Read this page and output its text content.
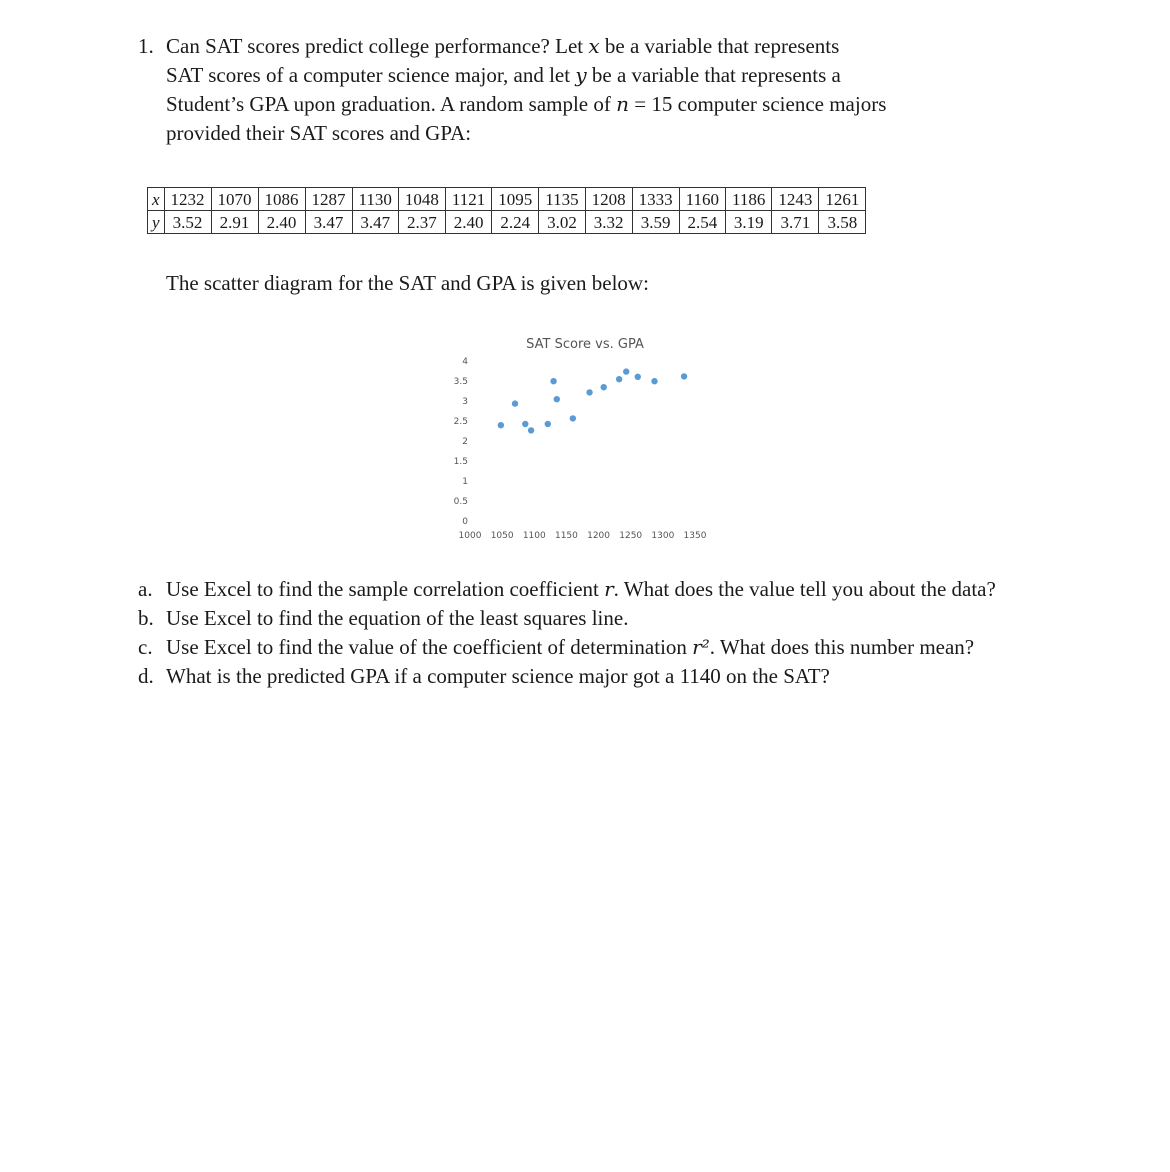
1. Can SAT scores predict college performance? Let x be a variable that represents
SAT scores of a computer science major, and let y be a variable that represents a
Student’s GPA upon graduation. A random sample of n = 15 computer science majors
provided their SAT scores and GPA:
x	1232	1070	1086	1287	1130	1048	1121	1095	1135	1208	1333	1160	1186	1243	1261
y	3.52	2.91	2.40	3.47	3.47	2.37	2.40	2.24	3.02	3.32	3.59	2.54	3.19	3.71	3.58
The scatter diagram for the SAT and GPA is given below:
SAT Score vs. GPA
0
0.5
1
1.5
2
2.5
3
3.5
4
1000 1050 1100 1150 1200 1250 1300 1350
a. Use Excel to find the sample correlation coefficient r. What does the value tell you about the data?
b. Use Excel to find the equation of the least squares line.
c. Use Excel to find the value of the coefficient of determination r². What does this number mean?
d. What is the predicted GPA if a computer science major got a 1140 on the SAT?
